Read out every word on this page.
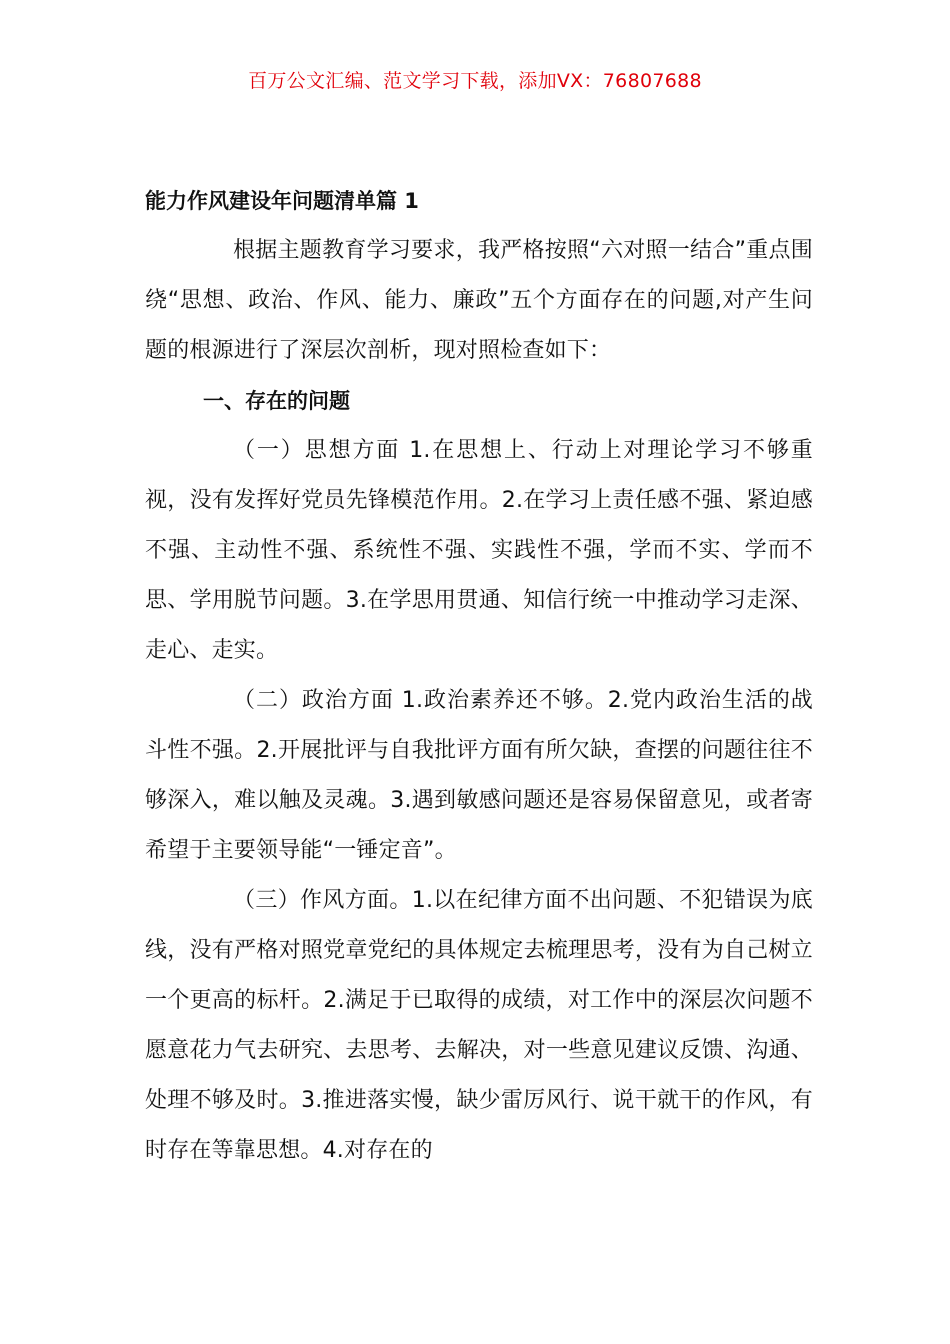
百万公文汇编、范文学习下载，添加VX：76807688
能力作风建设年问题清单篇 1

根据主题教育学习要求，我严格按照“六对照一结合”重点围绕“思想、政治、作风、能力、廉政”五个方面存在的问题,对产生问题的根源进行了深层次剖析，现对照检查如下：

一、存在的问题

（一）思想方面 1.在思想上、行动上对理论学习不够重视，没有发挥好党员先锋模范作用。2.在学习上责任感不强、紧迫感不强、主动性不强、系统性不强、实践性不强，学而不实、学而不思、学用脱节问题。3.在学思用贯通、知信行统一中推动学习走深、走心、走实。

（二）政治方面 1.政治素养还不够。2.党内政治生活的战斗性不强。2.开展批评与自我批评方面有所欠缺，查摆的问题往往不够深入，难以触及灵魂。3.遇到敏感问题还是容易保留意见，或者寄希望于主要领导能“一锤定音”。

（三）作风方面。1.以在纪律方面不出问题、不犯错误为底线，没有严格对照党章党纪的具体规定去梳理思考，没有为自己树立一个更高的标杆。2.满足于已取得的成绩，对工作中的深层次问题不愿意花力气去研究、去思考、去解决，对一些意见建议反馈、沟通、处理不够及时。3.推进落实慢，缺少雷厉风行、说干就干的作风，有时存在等靠思想。4.对存在的
